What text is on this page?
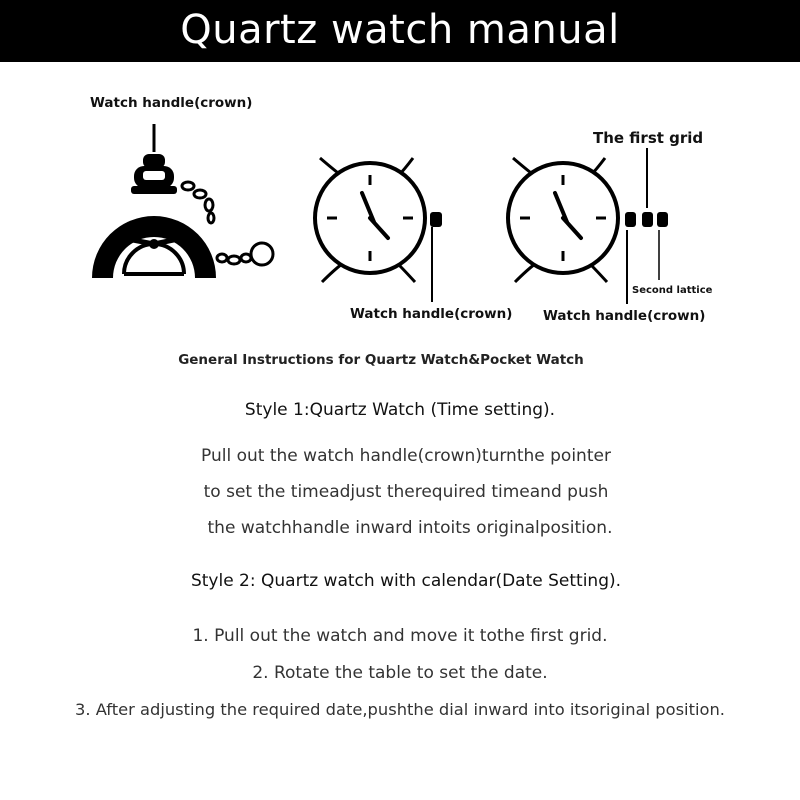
Quartz watch manual
Watch handle(crown)
The first grid
Second lattice
Watch handle(crown) Watch handle(crown)
General Instructions for Quartz Watch&Pocket Watch
Style 1:Quartz Watch (Time setting).
Pull out the watch handle(crown)turnthe pointer
to set the timeadjust therequired timeand push
the watchhandle inward intoits originalposition.
Style 2: Quartz watch with calendar(Date Setting).
1. Pull out the watch and move it tothe first grid.
2. Rotate the table to set the date.
3. After adjusting the required date,pushthe dial inward into itsoriginal position.
